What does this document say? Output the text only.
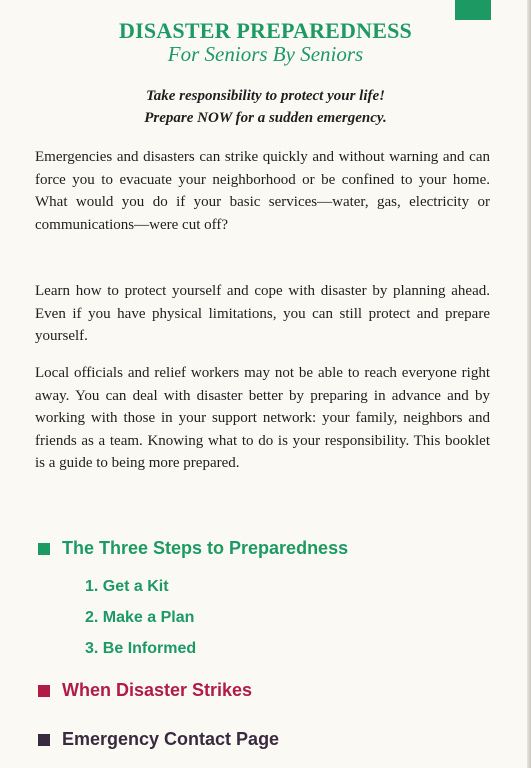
DISASTER PREPAREDNESS
For Seniors By Seniors
Take responsibility to protect your life!
Prepare NOW for a sudden emergency.

Emergencies and disasters can strike quickly and without warning and can force you to evacuate your neighborhood or be confined to your home. What would you do if your basic services—water, gas, electricity or communications—were cut off?

Learn how to protect yourself and cope with disaster by planning ahead. Even if you have physical limitations, you can still protect and prepare yourself.

Local officials and relief workers may not be able to reach everyone right away. You can deal with disaster better by preparing in advance and by working with those in your support network: your family, neighbors and friends as a team. Knowing what to do is your responsibility. This booklet is a guide to being more prepared.

The Three Steps to Preparedness
1. Get a Kit
2. Make a Plan
3. Be Informed
When Disaster Strikes
Emergency Contact Page
